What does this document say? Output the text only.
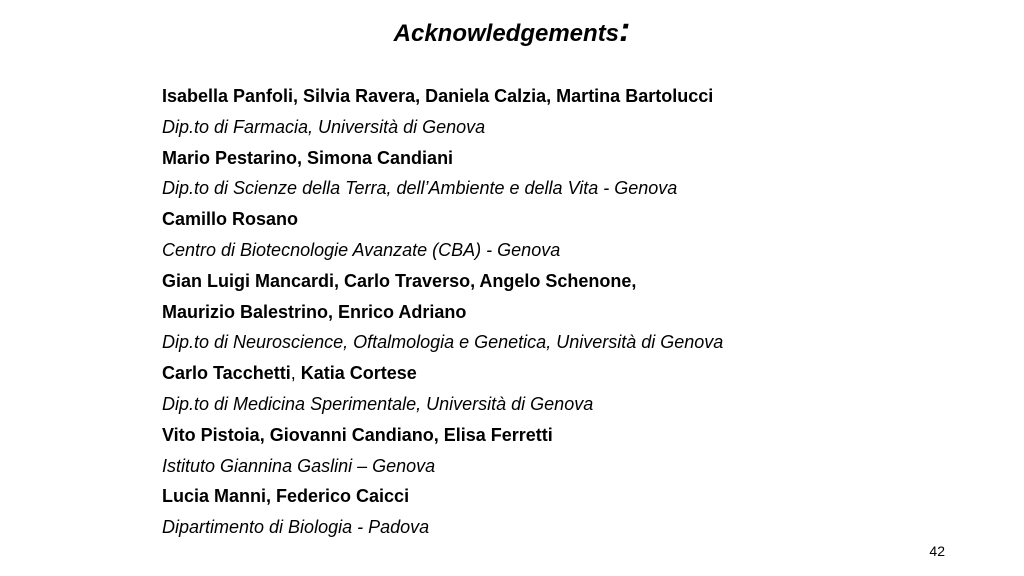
Acknowledgements:
Isabella Panfoli, Silvia Ravera, Daniela Calzia, Martina Bartolucci
Dip.to di Farmacia, Università di Genova
Mario Pestarino, Simona Candiani
Dip.to di Scienze della Terra, dell’Ambiente e della Vita - Genova
Camillo Rosano
Centro di Biotecnologie Avanzate (CBA) - Genova
Gian Luigi Mancardi, Carlo Traverso, Angelo Schenone,
Maurizio Balestrino, Enrico Adriano
Dip.to di Neuroscience, Oftalmologia e Genetica, Università di Genova
Carlo Tacchetti, Katia Cortese
Dip.to di Medicina Sperimentale, Università di Genova
Vito Pistoia, Giovanni Candiano, Elisa Ferretti
Istituto Giannina Gaslini – Genova
Lucia Manni, Federico Caicci
Dipartimento di Biologia - Padova
42
